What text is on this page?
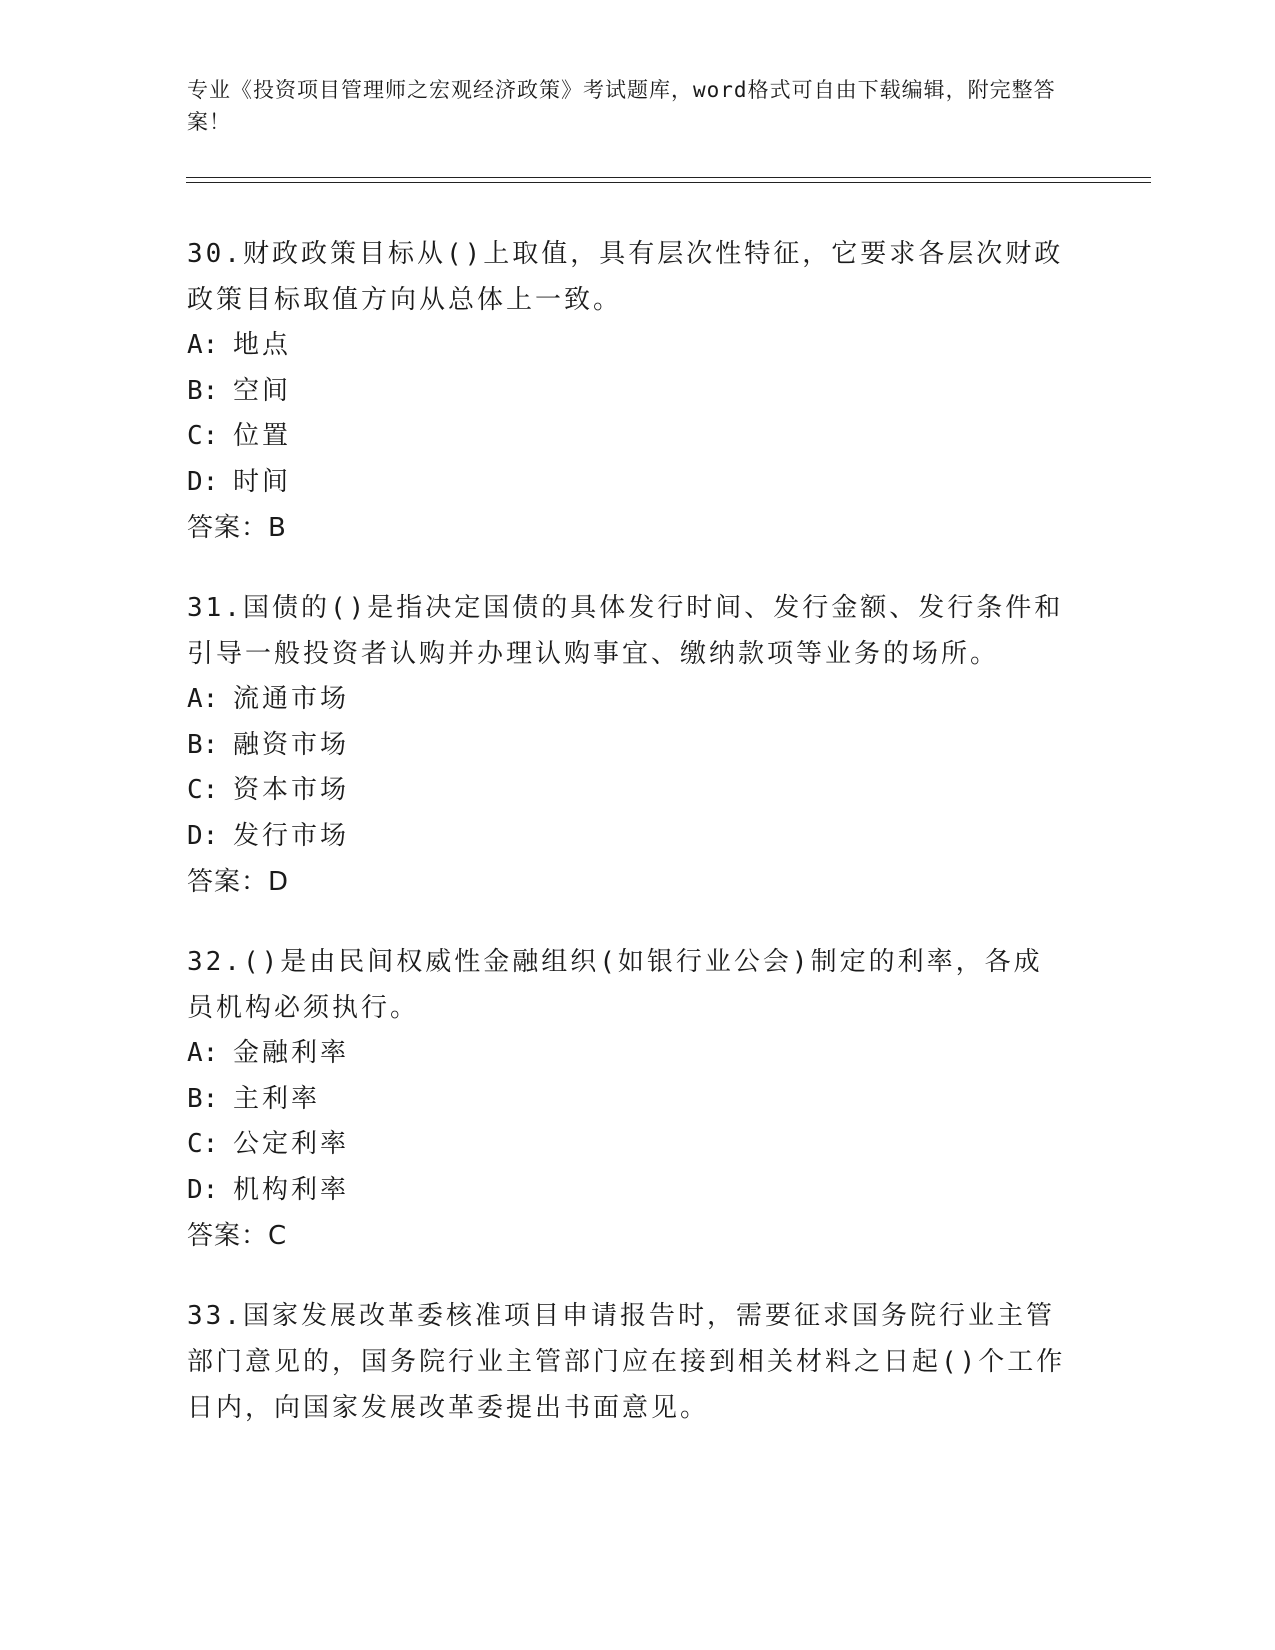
专业《投资项目管理师之宏观经济政策》考试题库，word格式可自由下载编辑，附完整答案！

30.财政政策目标从()上取值，具有层次性特征，它要求各层次财政政策目标取值方向从总体上一致。

A: 地点

B: 空间

C: 位置

D: 时间

答案：B

31.国债的()是指决定国债的具体发行时间、发行金额、发行条件和引导一般投资者认购并办理认购事宜、缴纳款项等业务的场所。

A: 流通市场

B: 融资市场

C: 资本市场

D: 发行市场

答案：D

32.()是由民间权威性金融组织(如银行业公会)制定的利率，各成员机构必须执行。

A: 金融利率

B: 主利率

C: 公定利率

D: 机构利率

答案：C

33.国家发展改革委核准项目申请报告时，需要征求国务院行业主管部门意见的，国务院行业主管部门应在接到相关材料之日起()个工作日内，向国家发展改革委提出书面意见。
